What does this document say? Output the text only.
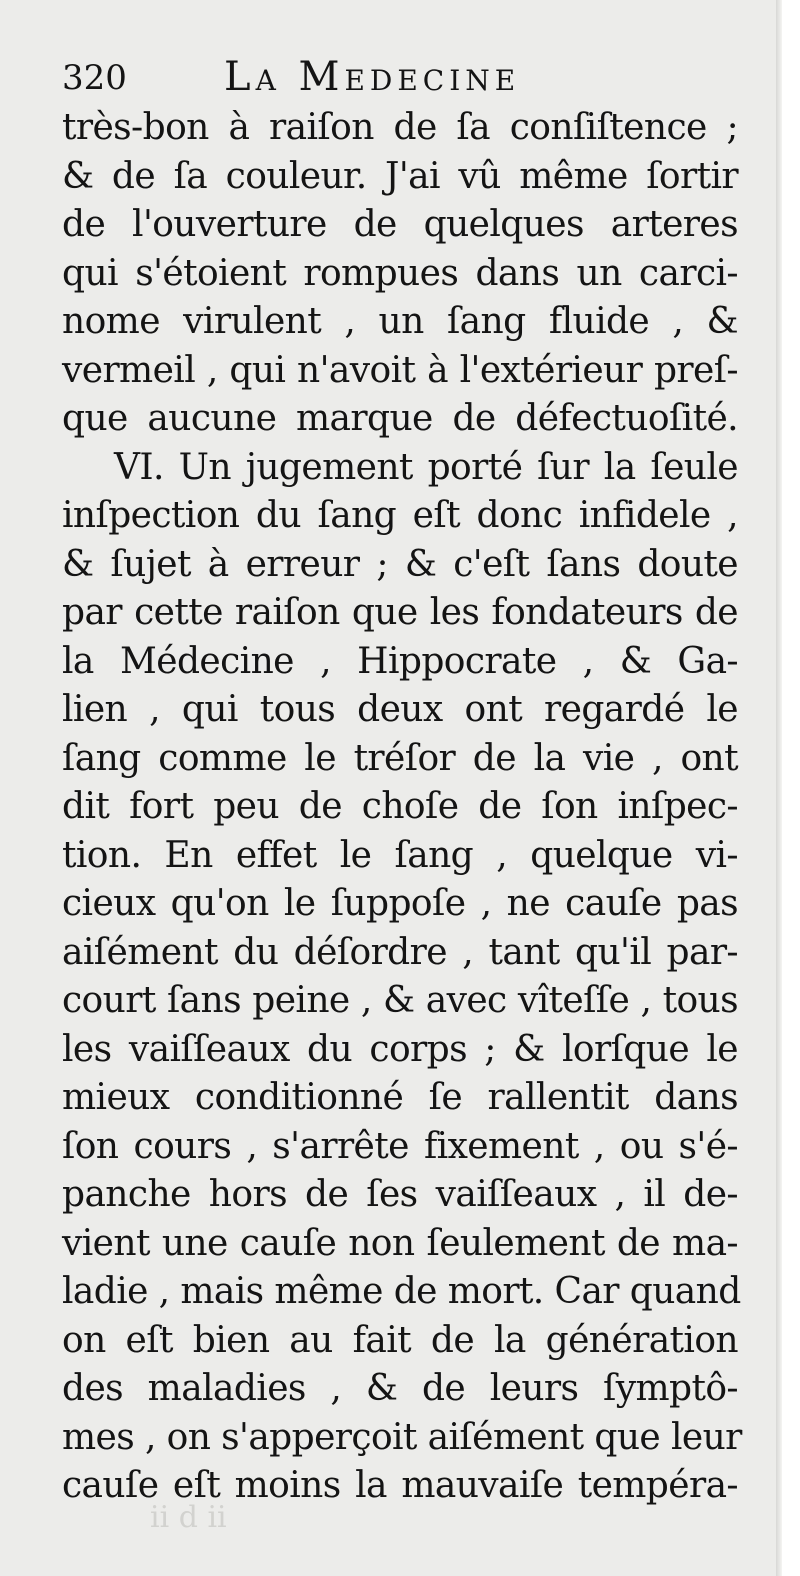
320 La Medecine
très-bon à raiſon de ſa conſiſtence ;
& de ſa couleur. J'ai vû même ſortir
de l'ouverture de quelques arteres
qui s'étoient rompues dans un carci-
nome virulent , un ſang fluide , &
vermeil , qui n'avoit à l'extérieur preſ-
que aucune marque de défectuoſité.
VI. Un jugement porté ſur la ſeule
inſpection du ſang eſt donc infidele ,
& ſujet à erreur ; & c'eſt ſans doute
par cette raiſon que les fondateurs de
la Médecine , Hippocrate , & Ga-
lien , qui tous deux ont regardé le
ſang comme le tréſor de la vie , ont
dit fort peu de choſe de ſon inſpec-
tion. En effet le ſang , quelque vi-
cieux qu'on le ſuppoſe , ne cauſe pas
aiſément du déſordre , tant qu'il par-
court ſans peine , & avec vîteſſe , tous
les vaiſſeaux du corps ; & lorſque le
mieux conditionné ſe rallentit dans
ſon cours , s'arrête fixement , ou s'é-
panche hors de ſes vaiſſeaux , il de-
vient une cauſe non ſeulement de ma-
ladie , mais même de mort. Car quand
on eſt bien au fait de la génération
des maladies , & de leurs ſymptô-
mes , on s'apperçoit aiſément que leur
cauſe eſt moins la mauvaiſe tempéra-
ii d ii
